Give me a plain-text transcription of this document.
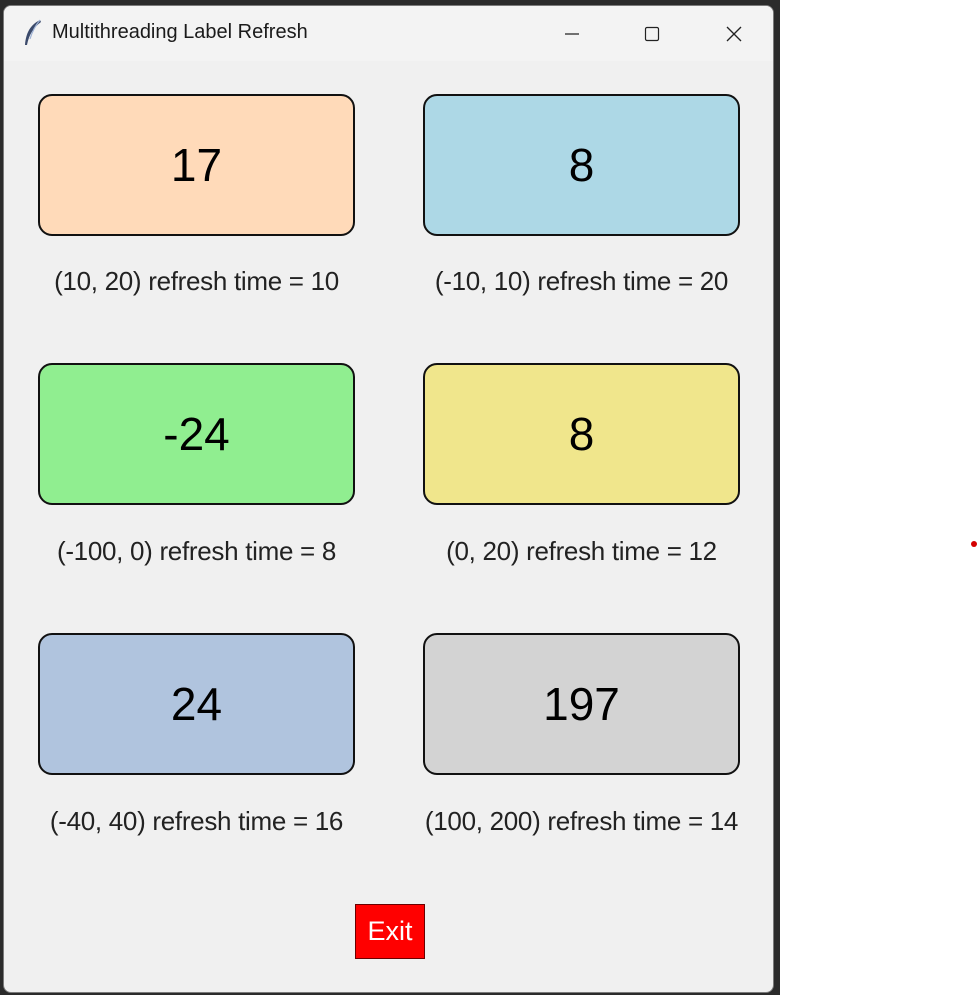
Multithreading Label Refresh
17
(10, 20) refresh time = 10
8
(-10, 10) refresh time = 20
-24
(-100, 0) refresh time = 8
8
(0, 20) refresh time = 12
24
(-40, 40) refresh time = 16
197
(100, 200) refresh time = 14
Exit
